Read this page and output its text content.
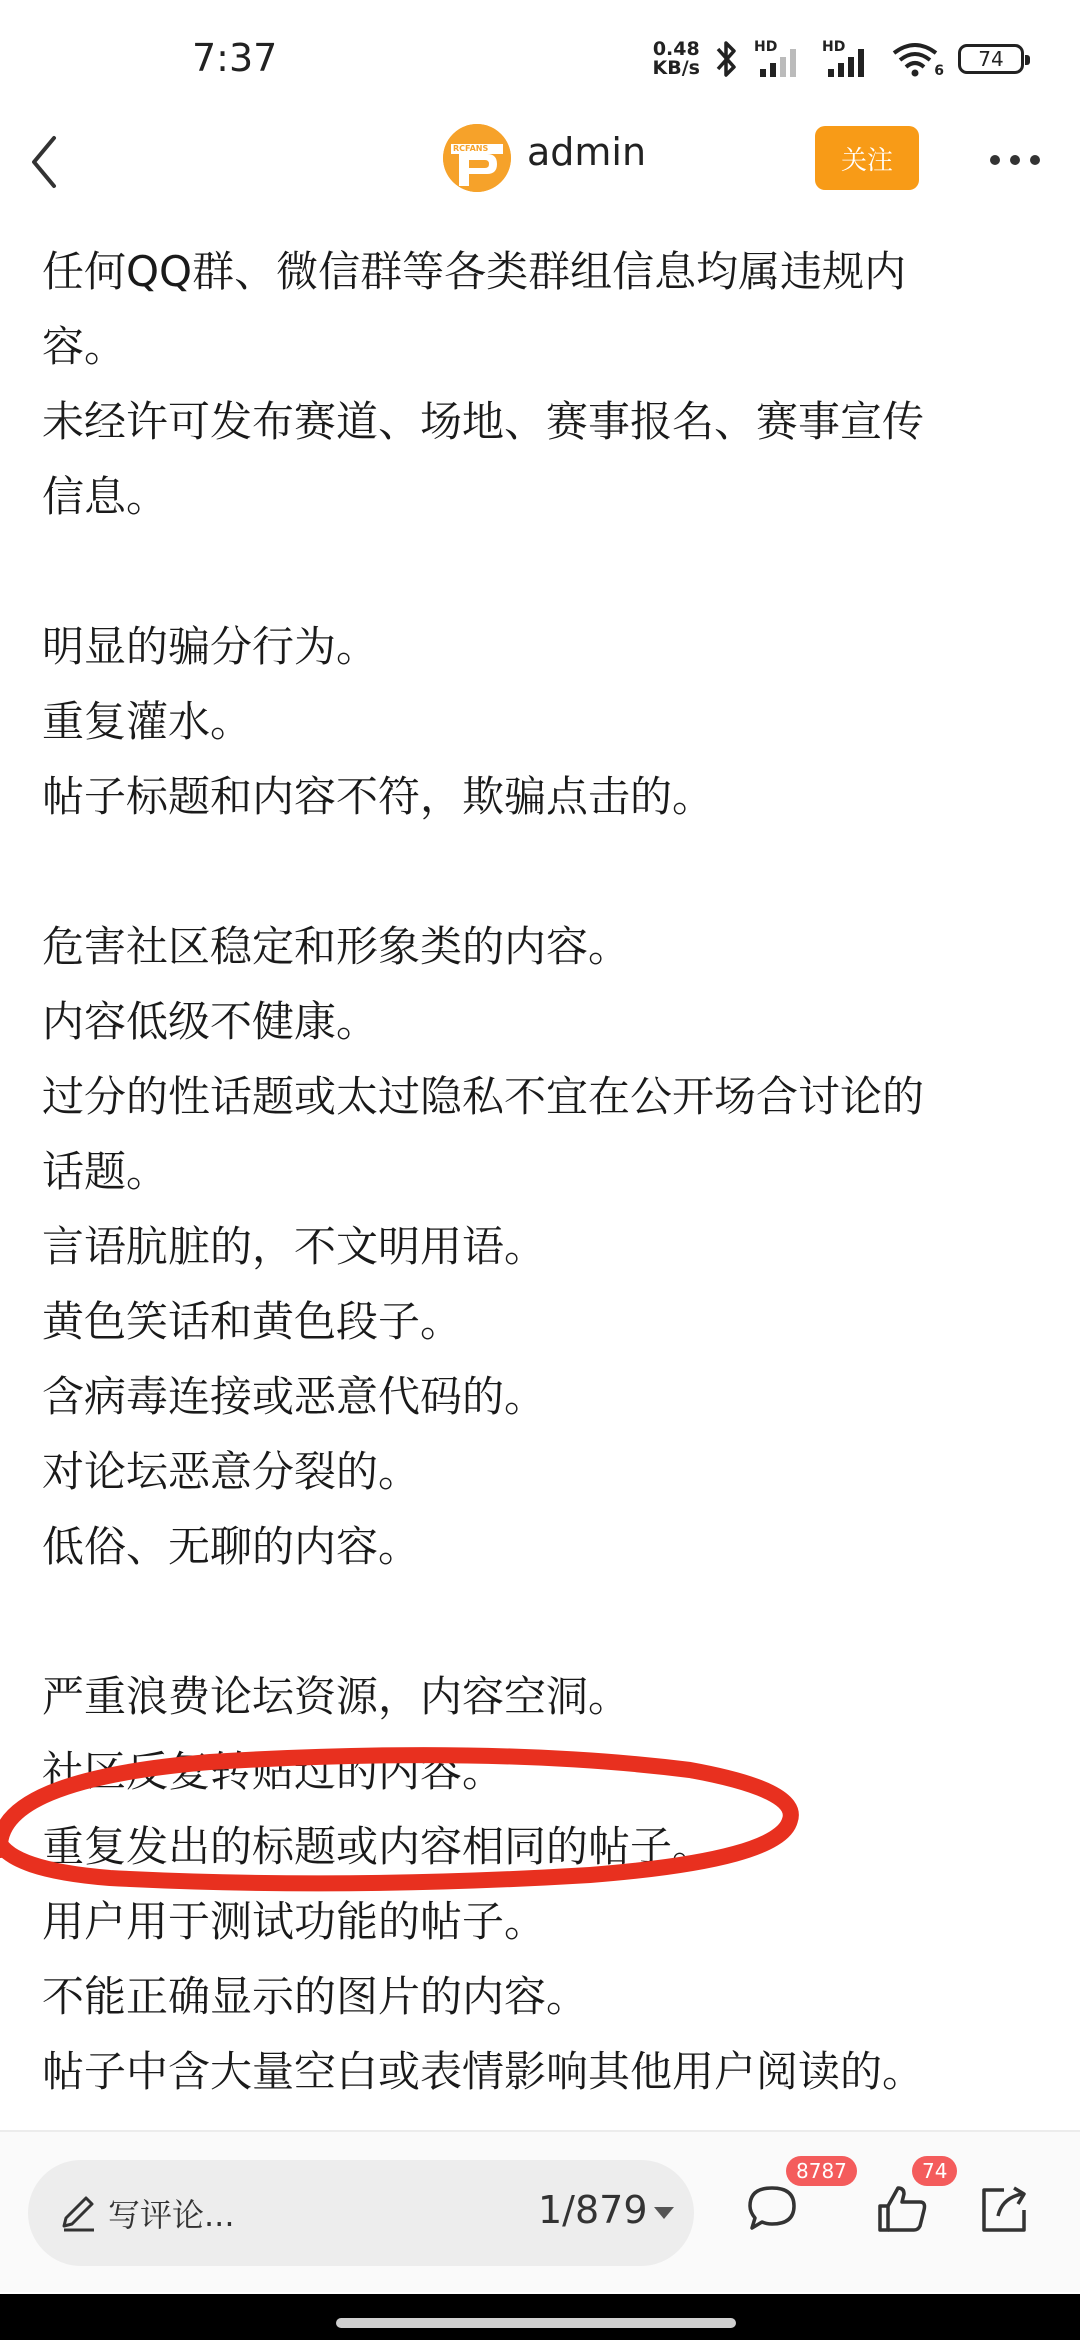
7:37	0.48
KB/s
HD	HD
6 74
RCFANS admin	关注

任何QQ群、微信群等各类群组信息均属违规内

容。

未经许可发布赛道、场地、赛事报名、赛事宣传

信息。

明显的骗分行为。

重复灌水。

帖子标题和内容不符，欺骗点击的。

危害社区稳定和形象类的内容。

内容低级不健康。

过分的性话题或太过隐私不宜在公开场合讨论的

话题。

言语肮脏的，不文明用语。

黄色笑话和黄色段子。

含病毒连接或恶意代码的。

对论坛恶意分裂的。

低俗、无聊的内容。

严重浪费论坛资源，内容空洞。

社区反复转贴过的内容。

重复发出的标题或内容相同的帖子。

用户用于测试功能的帖子。

不能正确显示的图片的内容。

帖子中含大量空白或表情影响其他用户阅读的。

写评论...	1/879
8787	74
